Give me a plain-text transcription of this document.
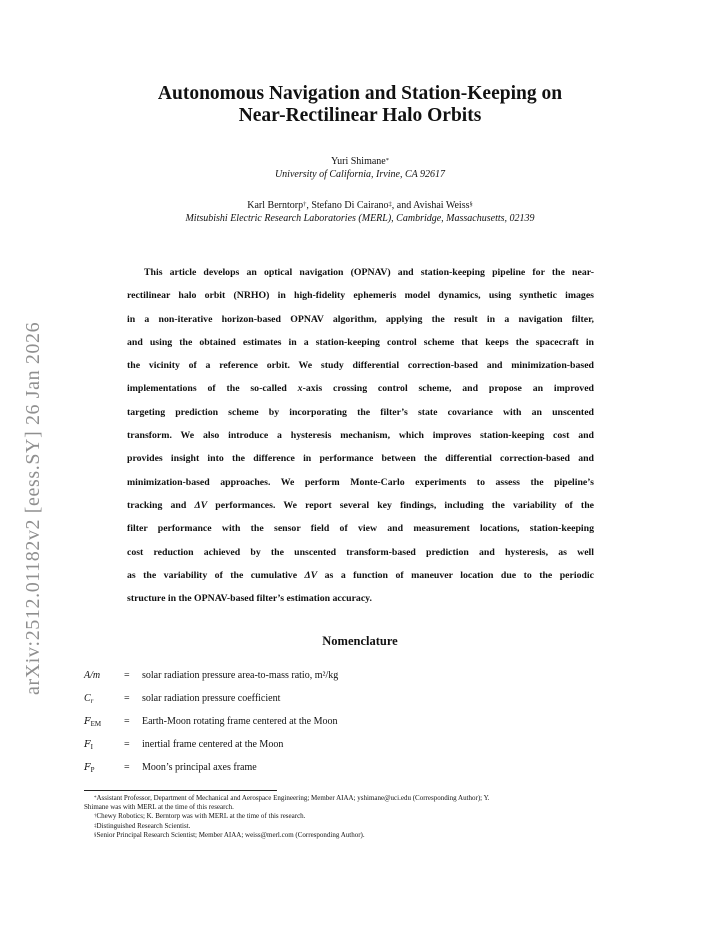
arXiv:2512.01182v2 [eess.SY] 26 Jan 2026
Autonomous Navigation and Station-Keeping on
Near-Rectilinear Halo Orbits
Yuri Shimane*
University of California, Irvine, CA 92617
Karl Berntorp†, Stefano Di Cairano‡, and Avishai Weiss§
Mitsubishi Electric Research Laboratories (MERL), Cambridge, Massachusetts, 02139
This article develops an optical navigation (OPNAV) and station-keeping pipeline for the near-
rectilinear halo orbit (NRHO) in high-fidelity ephemeris model dynamics, using synthetic images
in a non-iterative horizon-based OPNAV algorithm, applying the result in a navigation filter,
and using the obtained estimates in a station-keeping control scheme that keeps the spacecraft in
the vicinity of a reference orbit. We study differential correction-based and minimization-based
implementations of the so-called x-axis crossing control scheme, and propose an improved
targeting prediction scheme by incorporating the filter’s state covariance with an unscented
transform. We also introduce a hysteresis mechanism, which improves station-keeping cost and
provides insight into the difference in performance between the differential correction-based and
minimization-based approaches. We perform Monte-Carlo experiments to assess the pipeline’s
tracking and ΔV performances. We report several key findings, including the variability of the
filter performance with the sensor field of view and measurement locations, station-keeping
cost reduction achieved by the unscented transform-based prediction and hysteresis, as well
as the variability of the cumulative ΔV as a function of maneuver location due to the periodic
structure in the OPNAV-based filter’s estimation accuracy.
Nomenclature
A/m = solar radiation pressure area-to-mass ratio, m²/kg
$C_r$	= solar radiation pressure coefficient
$F_{EM}$ = Earth-Moon rotating frame centered at the Moon
$F_I$	= inertial frame centered at the Moon
$F_P$	= Moon’s principal axes frame
*Assistant Professor, Department of Mechanical and Aerospace Engineering; Member AIAA; yshimane@uci.edu (Corresponding Author); Y.
Shimane was with MERL at the time of this research.
†Chewy Robotics; K. Berntorp was with MERL at the time of this research.
‡Distinguished Research Scientist.
§Senior Principal Research Scientist; Member AIAA; weiss@merl.com (Corresponding Author).
